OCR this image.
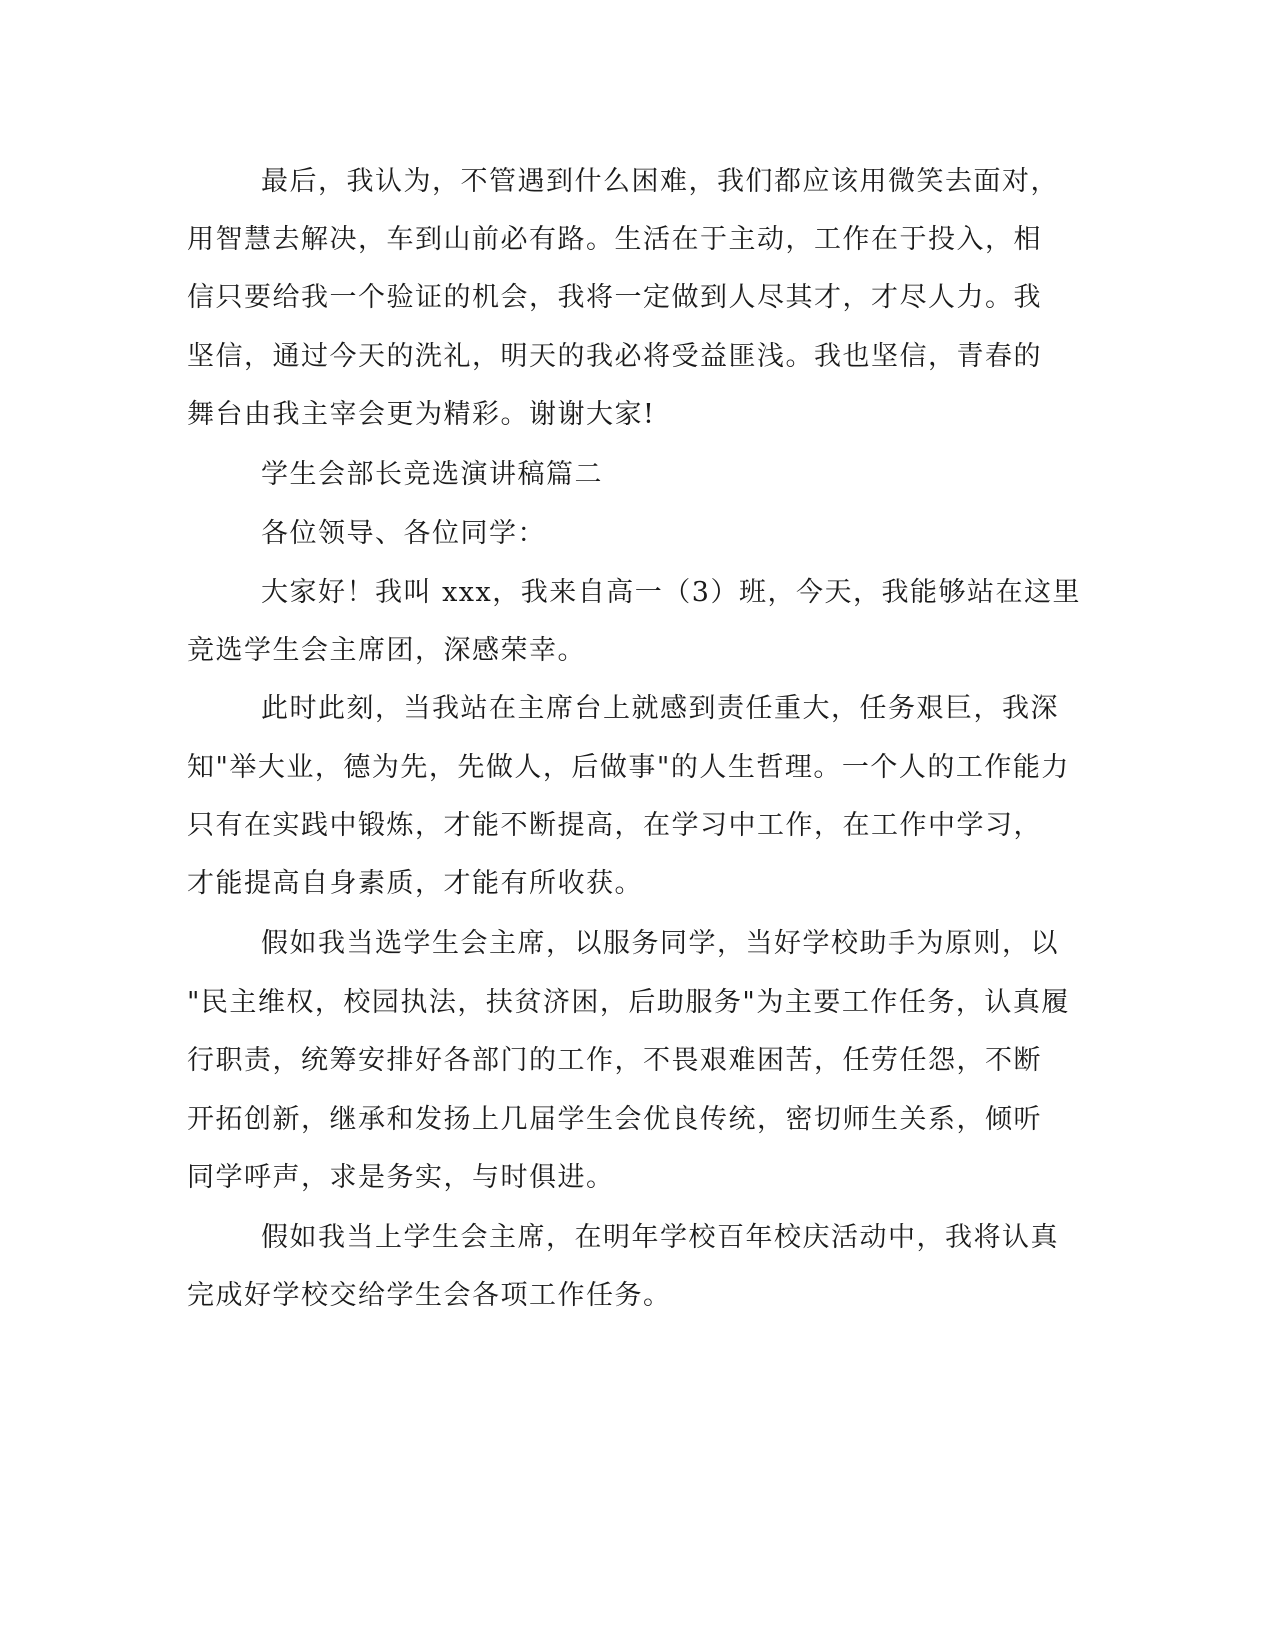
最后，我认为，不管遇到什么困难，我们都应该用微笑去面对，
用智慧去解决，车到山前必有路。生活在于主动，工作在于投入，相
信只要给我一个验证的机会，我将一定做到人尽其才，才尽人力。我
坚信，通过今天的洗礼，明天的我必将受益匪浅。我也坚信，青春的
舞台由我主宰会更为精彩。谢谢大家!
学生会部长竞选演讲稿篇二
各位领导、各位同学：
大家好！我叫 xxx，我来自高一（3）班，今天，我能够站在这里
竞选学生会主席团，深感荣幸。
此时此刻，当我站在主席台上就感到责任重大，任务艰巨，我深
知"举大业，德为先，先做人，后做事"的人生哲理。一个人的工作能力
只有在实践中锻炼，才能不断提高，在学习中工作，在工作中学习，
才能提高自身素质，才能有所收获。
假如我当选学生会主席，以服务同学，当好学校助手为原则，以
"民主维权，校园执法，扶贫济困，后助服务"为主要工作任务，认真履
行职责，统筹安排好各部门的工作，不畏艰难困苦，任劳任怨，不断
开拓创新，继承和发扬上几届学生会优良传统，密切师生关系，倾听
同学呼声，求是务实，与时俱进。
假如我当上学生会主席，在明年学校百年校庆活动中，我将认真
完成好学校交给学生会各项工作任务。
